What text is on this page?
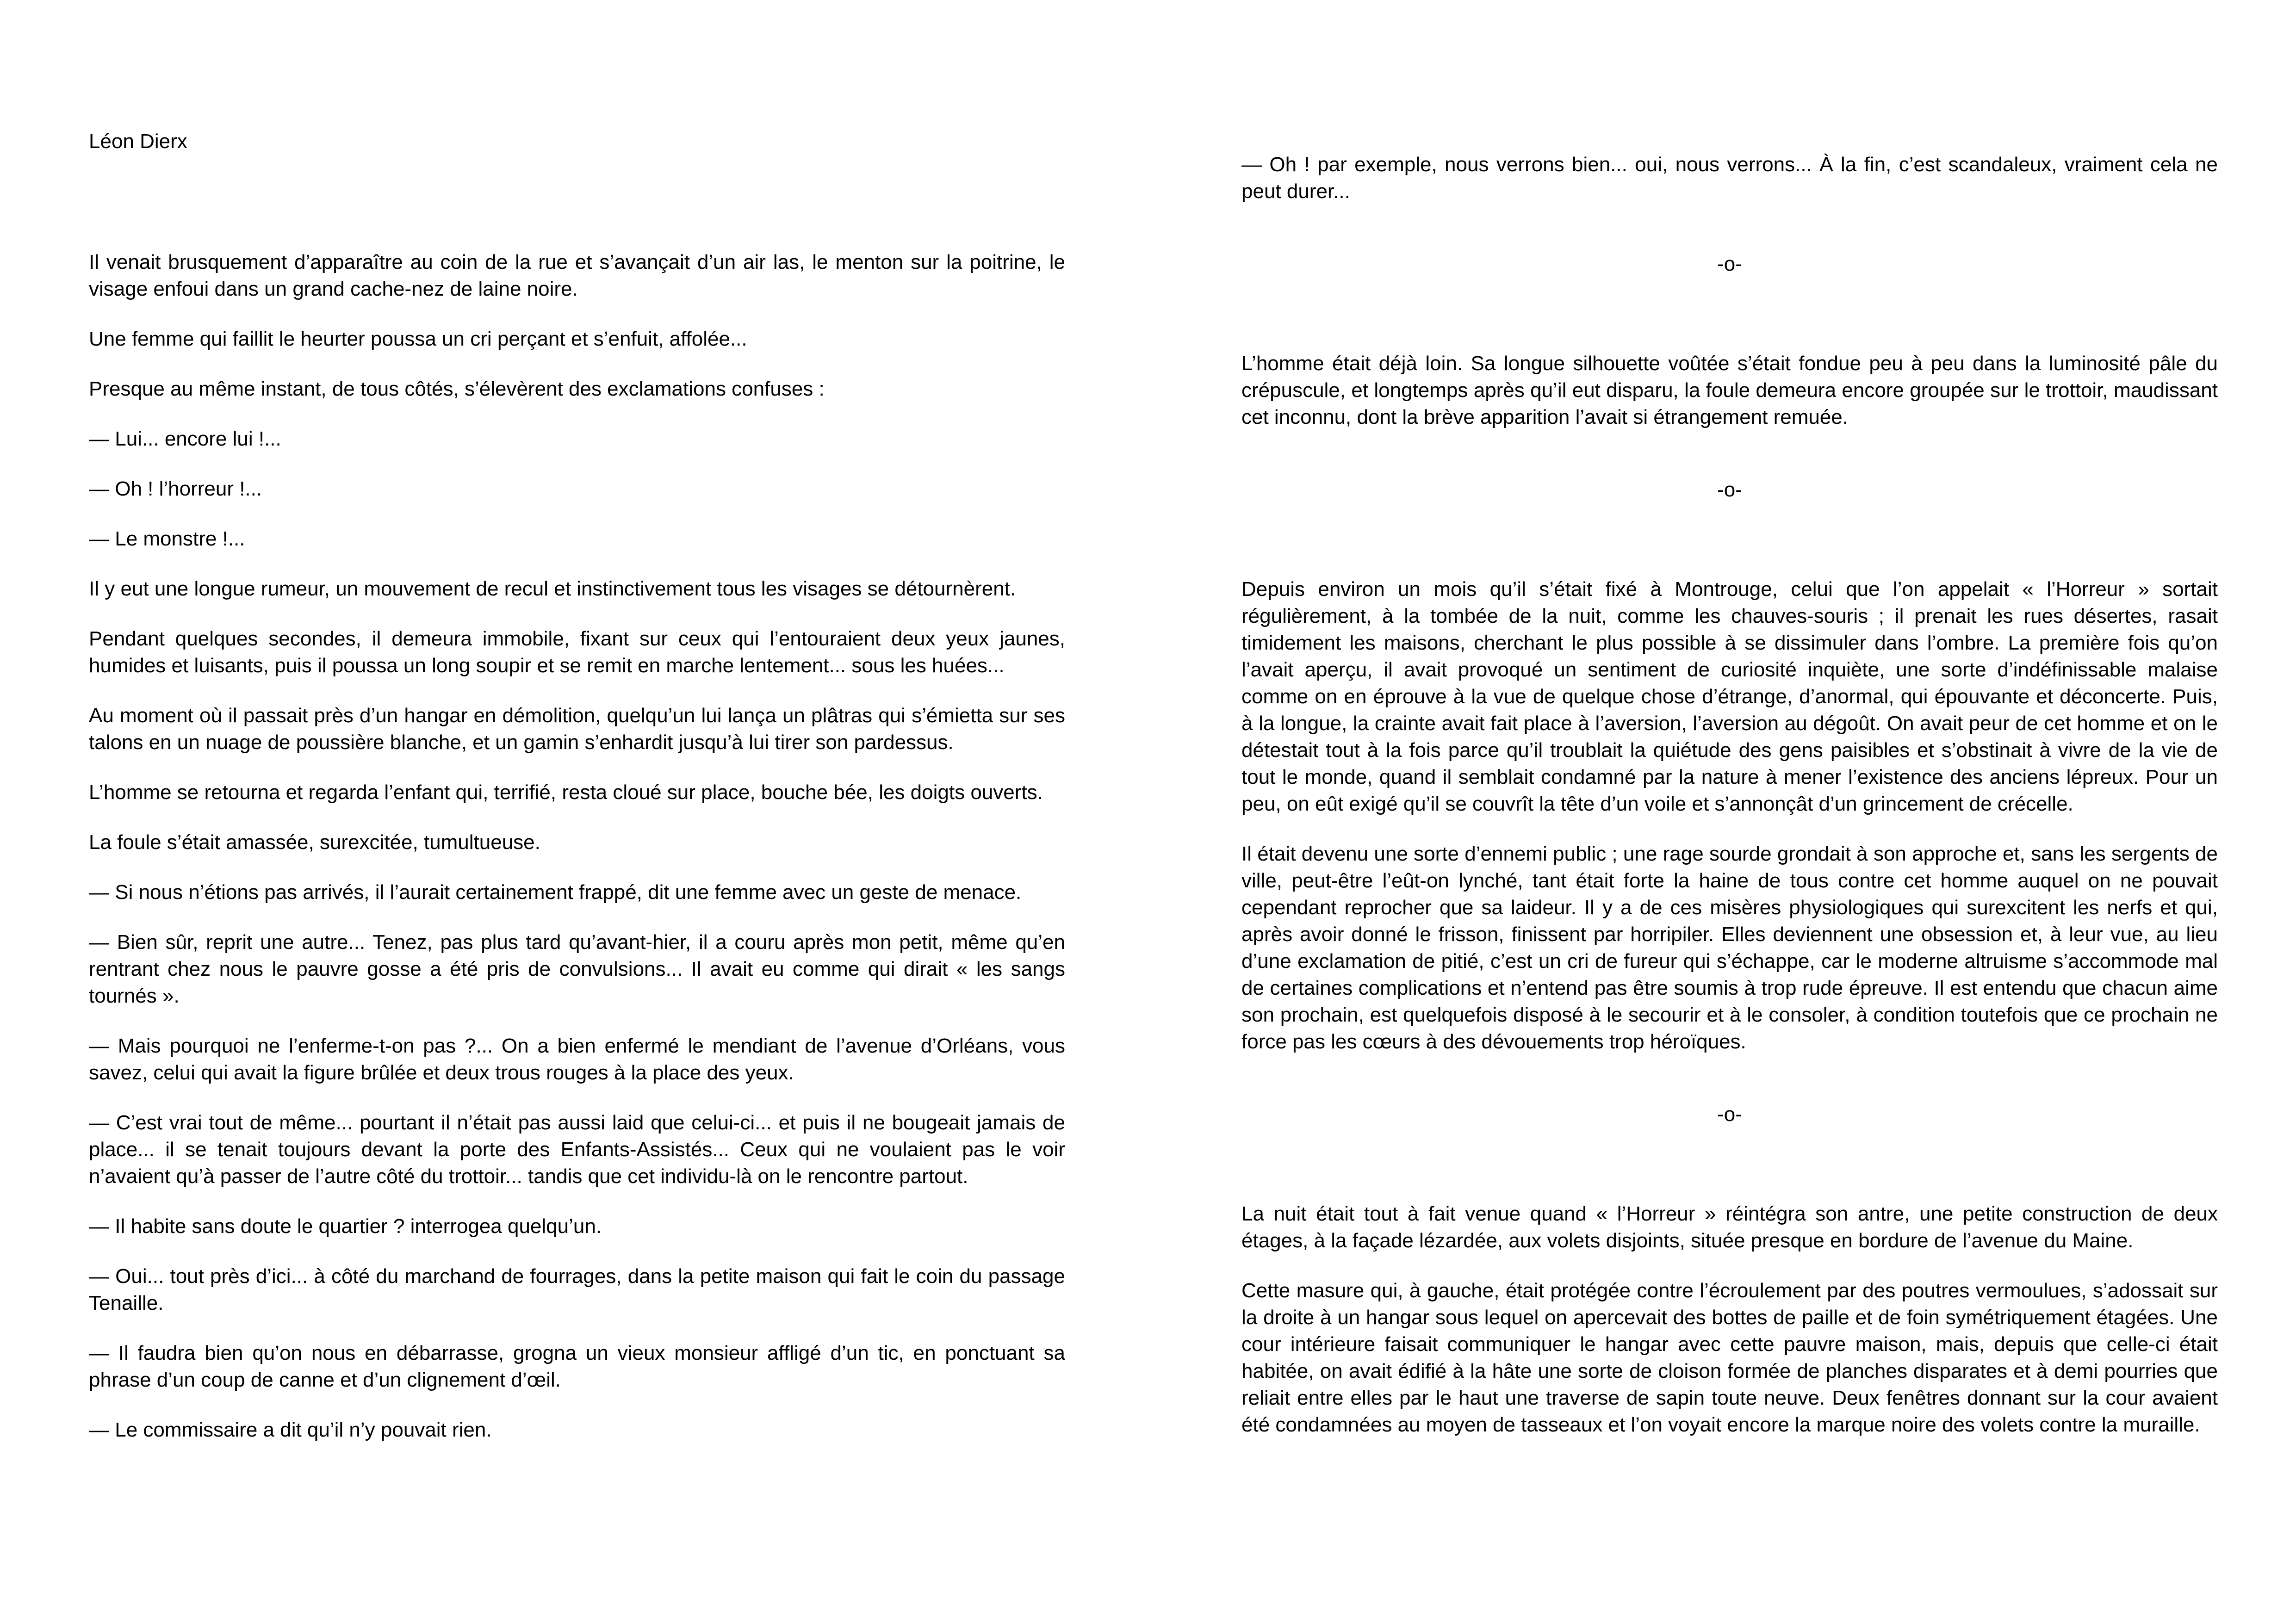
Léon Dierx

Il venait brusquement d’apparaître au coin de la rue et s’avançait d’un air las, le menton sur la poitrine, le visage enfoui dans un grand cache-nez de laine noire.

Une femme qui faillit le heurter poussa un cri perçant et s’enfuit, affolée...

Presque au même instant, de tous côtés, s’élevèrent des exclamations confuses :

— Lui... encore lui !...

— Oh ! l’horreur !...

— Le monstre !...

Il y eut une longue rumeur, un mouvement de recul et instinctivement tous les visages se détournèrent.

Pendant quelques secondes, il demeura immobile, fixant sur ceux qui l’entouraient deux yeux jaunes, humides et luisants, puis il poussa un long soupir et se remit en marche lentement... sous les huées...

Au moment où il passait près d’un hangar en démolition, quelqu’un lui lança un plâtras qui s’émietta sur ses talons en un nuage de poussière blanche, et un gamin s’enhardit jusqu’à lui tirer son pardessus.

L’homme se retourna et regarda l’enfant qui, terrifié, resta cloué sur place, bouche bée, les doigts ouverts.

La foule s’était amassée, surexcitée, tumultueuse.

— Si nous n’étions pas arrivés, il l’aurait certainement frappé, dit une femme avec un geste de menace.

— Bien sûr, reprit une autre... Tenez, pas plus tard qu’avant-hier, il a couru après mon petit, même qu’en rentrant chez nous le pauvre gosse a été pris de convulsions... Il avait eu comme qui dirait « les sangs tournés ».

— Mais pourquoi ne l’enferme-t-on pas ?... On a bien enfermé le mendiant de l’avenue d’Orléans, vous savez, celui qui avait la figure brûlée et deux trous rouges à la place des yeux.

— C’est vrai tout de même... pourtant il n’était pas aussi laid que celui-ci... et puis il ne bougeait jamais de place... il se tenait toujours devant la porte des Enfants-Assistés... Ceux qui ne voulaient pas le voir n’avaient qu’à passer de l’autre côté du trottoir... tandis que cet individu-là on le rencontre partout.

— Il habite sans doute le quartier ? interrogea quelqu’un.

— Oui... tout près d’ici... à côté du marchand de fourrages, dans la petite maison qui fait le coin du passage Tenaille.

— Il faudra bien qu’on nous en débarrasse, grogna un vieux monsieur affligé d’un tic, en ponctuant sa phrase d’un coup de canne et d’un clignement d’œil.

— Le commissaire a dit qu’il n’y pouvait rien.

— Oh ! par exemple, nous verrons bien... oui, nous verrons... À la fin, c’est scandaleux, vraiment cela ne peut durer...

-o-

L’homme était déjà loin. Sa longue silhouette voûtée s’était fondue peu à peu dans la luminosité pâle du crépuscule, et longtemps après qu’il eut disparu, la foule demeura encore groupée sur le trottoir, maudissant cet inconnu, dont la brève apparition l’avait si étrangement remuée.

-o-

Depuis environ un mois qu’il s’était fixé à Montrouge, celui que l’on appelait « l’Horreur » sortait régulièrement, à la tombée de la nuit, comme les chauves-souris ; il prenait les rues désertes, rasait timidement les maisons, cherchant le plus possible à se dissimuler dans l’ombre. La première fois qu’on l’avait aperçu, il avait provoqué un sentiment de curiosité inquiète, une sorte d’indéfinissable malaise comme on en éprouve à la vue de quelque chose d’étrange, d’anormal, qui épouvante et déconcerte. Puis, à la longue, la crainte avait fait place à l’aversion, l’aversion au dégoût. On avait peur de cet homme et on le détestait tout à la fois parce qu’il troublait la quiétude des gens paisibles et s’obstinait à vivre de la vie de tout le monde, quand il semblait condamné par la nature à mener l’existence des anciens lépreux. Pour un peu, on eût exigé qu’il se couvrît la tête d’un voile et s’annonçât d’un grincement de crécelle.

Il était devenu une sorte d’ennemi public ; une rage sourde grondait à son approche et, sans les sergents de ville, peut-être l’eût-on lynché, tant était forte la haine de tous contre cet homme auquel on ne pouvait cependant reprocher que sa laideur. Il y a de ces misères physiologiques qui surexcitent les nerfs et qui, après avoir donné le frisson, finissent par horripiler. Elles deviennent une obsession et, à leur vue, au lieu d’une exclamation de pitié, c’est un cri de fureur qui s’échappe, car le moderne altruisme s’accommode mal de certaines complications et n’entend pas être soumis à trop rude épreuve. Il est entendu que chacun aime son prochain, est quelquefois disposé à le secourir et à le consoler, à condition toutefois que ce prochain ne force pas les cœurs à des dévouements trop héroïques.

-o-

La nuit était tout à fait venue quand « l’Horreur » réintégra son antre, une petite construction de deux étages, à la façade lézardée, aux volets disjoints, située presque en bordure de l’avenue du Maine.

Cette masure qui, à gauche, était protégée contre l’écroulement par des poutres vermoulues, s’adossait sur la droite à un hangar sous lequel on apercevait des bottes de paille et de foin symétriquement étagées. Une cour intérieure faisait communiquer le hangar avec cette pauvre maison, mais, depuis que celle-ci était habitée, on avait édifié à la hâte une sorte de cloison formée de planches disparates et à demi pourries que reliait entre elles par le haut une traverse de sapin toute neuve. Deux fenêtres donnant sur la cour avaient été condamnées au moyen de tasseaux et l’on voyait encore la marque noire des volets contre la muraille.
